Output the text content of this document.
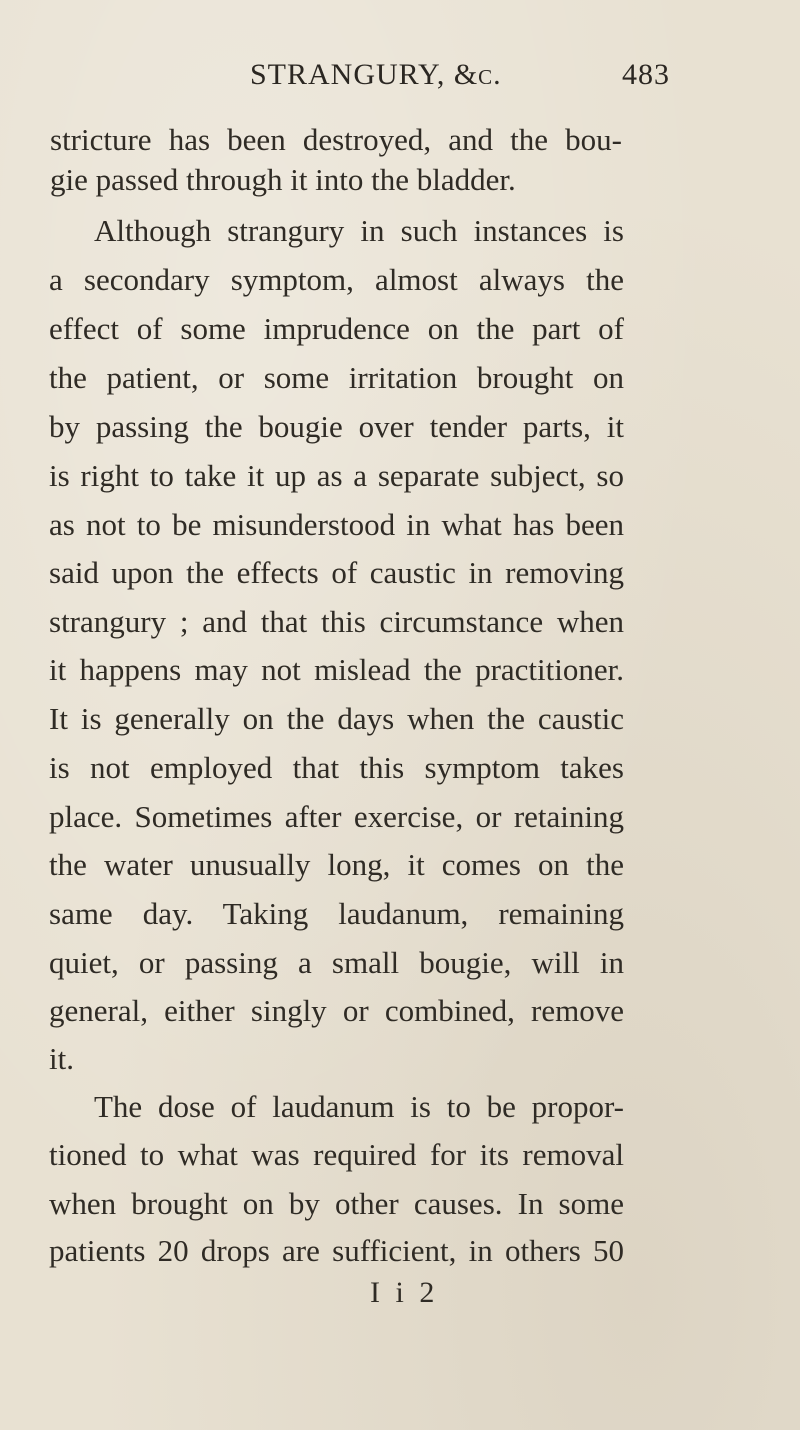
STRANGURY, &c.	483
stricture has been destroyed, and the bou-
gie passed through it into the bladder.
Although strangury in such instances is
a secondary symptom, almost always the
effect of some imprudence on the part of
the patient, or some irritation brought on
by passing the bougie over tender parts, it
is right to take it up as a separate subject, so
as not to be misunderstood in what has been
said upon the effects of caustic in removing
strangury ; and that this circumstance when
it happens may not mislead the practitioner.
It is generally on the days when the caustic
is not employed that this symptom takes
place. Sometimes after exercise, or retaining
the water unusually long, it comes on the
same day. Taking laudanum, remaining
quiet, or passing a small bougie, will in
general, either singly or combined, remove
it.
The dose of laudanum is to be propor-
tioned to what was required for its removal
when brought on by other causes. In some
patients 20 drops are sufficient, in others 50
I i 2
